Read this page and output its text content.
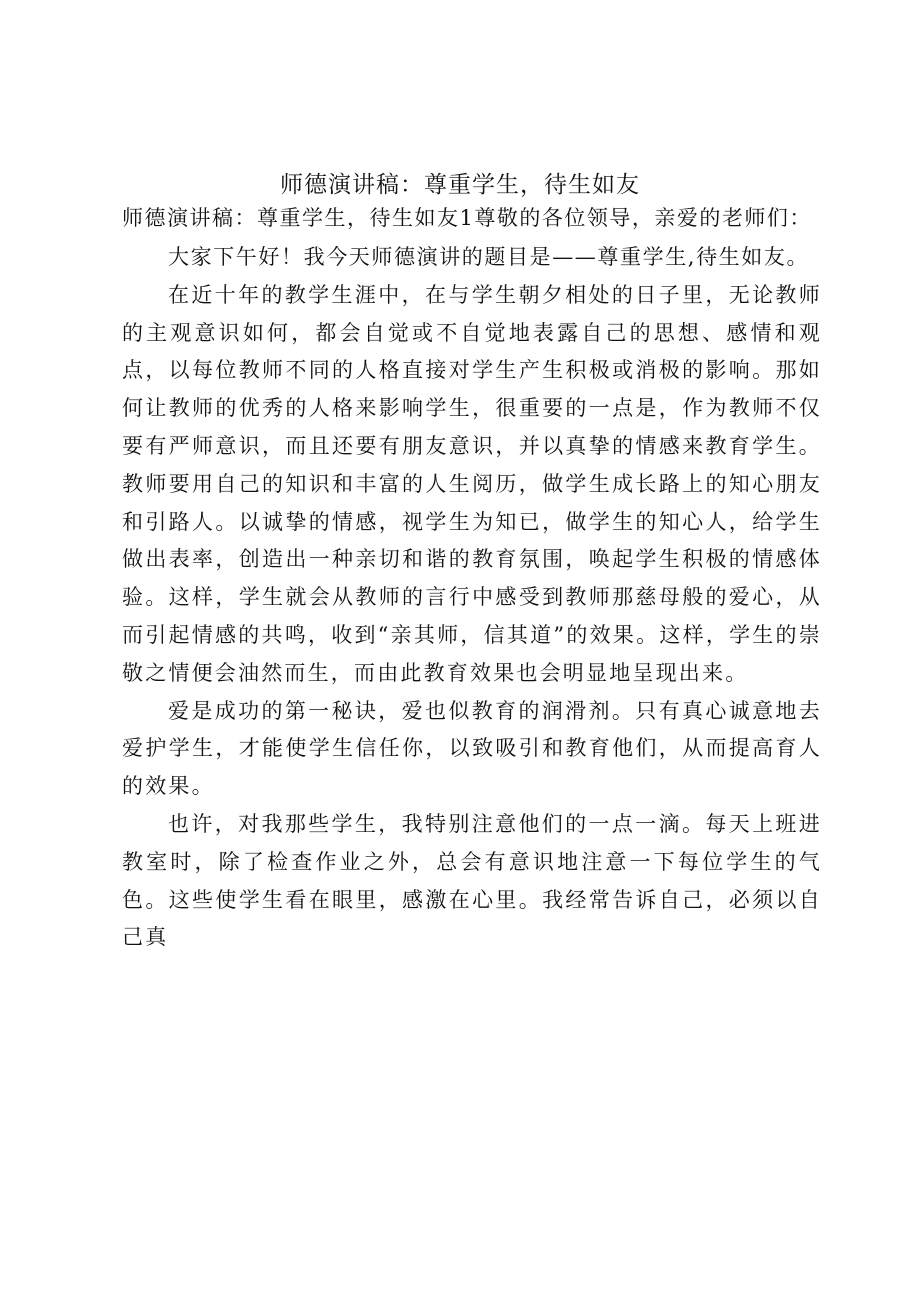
师德演讲稿：尊重学生，待生如友
师德演讲稿：尊重学生，待生如友1尊敬的各位领导，亲爱的老师们：

大家下午好！我今天师德演讲的题目是——尊重学生,待生如友。

在近十年的教学生涯中，在与学生朝夕相处的日子里，无论教师的主观意识如何，都会自觉或不自觉地表露自己的思想、感情和观点，以每位教师不同的人格直接对学生产生积极或消极的影响。那如何让教师的优秀的人格来影响学生，很重要的一点是，作为教师不仅要有严师意识，而且还要有朋友意识，并以真挚的情感来教育学生。教师要用自己的知识和丰富的人生阅历，做学生成长路上的知心朋友和引路人。以诚挚的情感，视学生为知已，做学生的知心人，给学生做出表率，创造出一种亲切和谐的教育氛围，唤起学生积极的情感体验。这样，学生就会从教师的言行中感受到教师那慈母般的爱心，从而引起情感的共鸣，收到“亲其师，信其道”的效果。这样，学生的崇敬之情便会油然而生，而由此教育效果也会明显地呈现出来。

爱是成功的第一秘诀，爱也似教育的润滑剂。只有真心诚意地去爱护学生，才能使学生信任你，以致吸引和教育他们，从而提高育人的效果。

也许，对我那些学生，我特别注意他们的一点一滴。每天上班进教室时，除了检查作业之外，总会有意识地注意一下每位学生的气色。这些使学生看在眼里，感激在心里。我经常告诉自己，必须以自己真
